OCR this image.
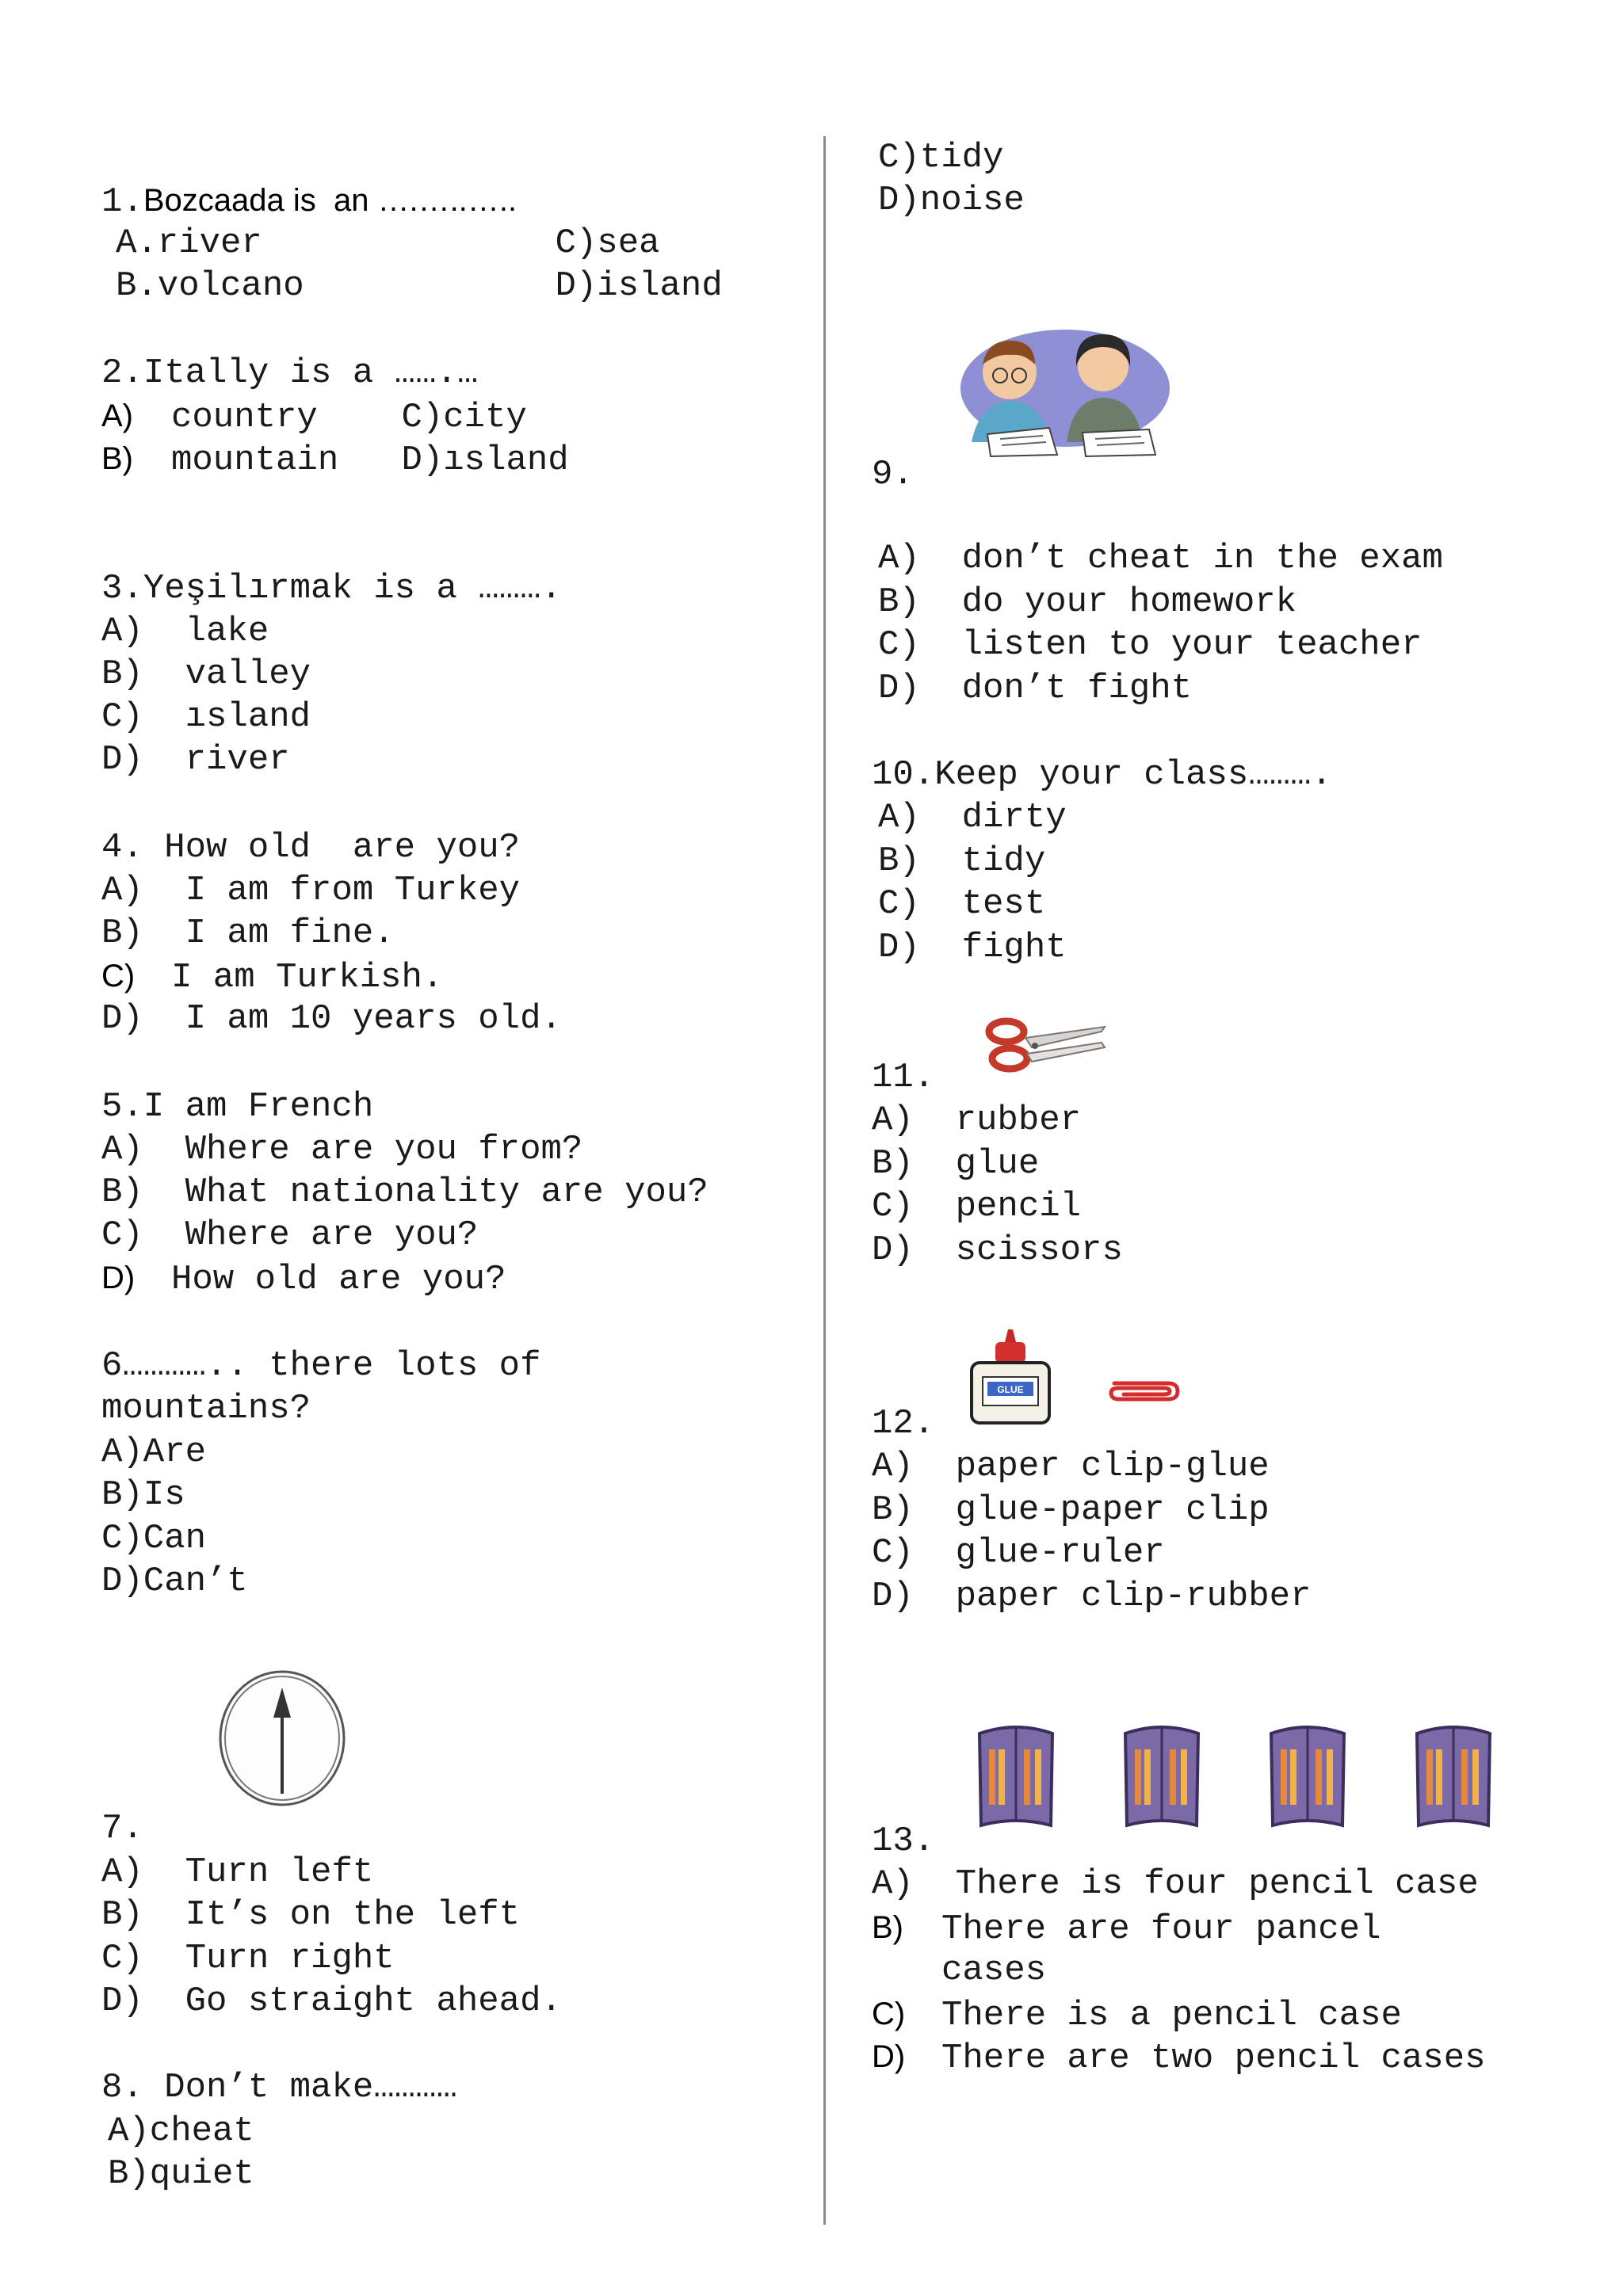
1.Bozcaada is  an ….…..…..
A.river              C)sea
B.volcano            D)island
2.Itally is a …….…
A) country    C)city
B) mountain   D)ısland
3.Yeşilırmak is a ……….
A)  lake
B)  valley
C)  ısland
D)  river
4. How old  are you?
A)  I am from Turkey
B)  I am fine.
C) I am Turkish.
D)  I am 10 years old.
5.I am French
A)  Where are you from?
B)  What nationality are you?
C)  Where are you?
D) How old are you?
6………….. there lots of
mountains?
A)Are
B)Is
C)Can
D)Can’t
7.
A)  Turn left
B)  It’s on the left
C)  Turn right
D)  Go straight ahead.
8. Don’t make…………
A)cheat
B)quiet
C)tidy
D)noise
9.
A)  don’t cheat in the exam
B)  do your homework
C)  listen to your teacher
D)  don’t fight
10.Keep your class……….
A)  dirty
B)  tidy
C)  test
D)  fight
11.
A)  rubber
B)  glue
C)  pencil
D)  scissors
GLUE
12.
A)  paper clip-glue
B)  glue-paper clip
C)  glue-ruler
D)  paper clip-rubber
13.
A)  There is four pencil case
B) There are four pancel
cases
C) There is a pencil case
D) There are two pencil cases
